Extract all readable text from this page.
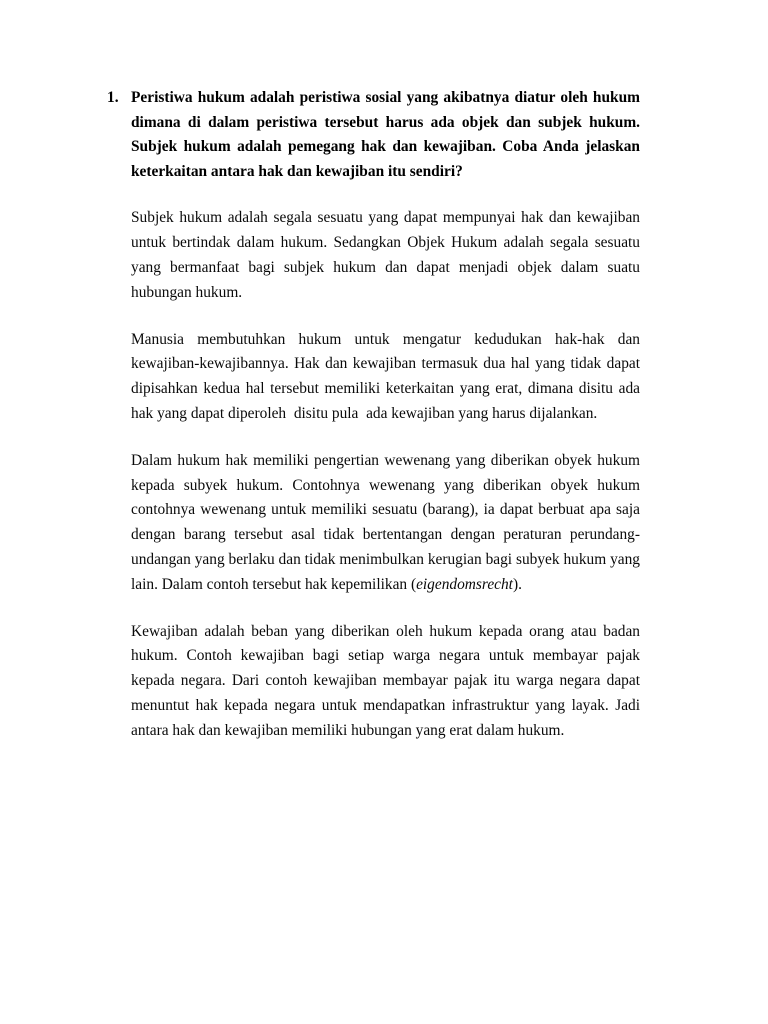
1. Peristiwa hukum adalah peristiwa sosial yang akibatnya diatur oleh hukum dimana di dalam peristiwa tersebut harus ada objek dan subjek hukum. Subjek hukum adalah pemegang hak dan kewajiban. Coba Anda jelaskan keterkaitan antara hak dan kewajiban itu sendiri?

Subjek hukum adalah segala sesuatu yang dapat mempunyai hak dan kewajiban untuk bertindak dalam hukum. Sedangkan Objek Hukum adalah segala sesuatu yang bermanfaat bagi subjek hukum dan dapat menjadi objek dalam suatu hubungan hukum.

Manusia membutuhkan hukum untuk mengatur kedudukan hak-hak dan kewajiban-kewajibannya. Hak dan kewajiban termasuk dua hal yang tidak dapat dipisahkan kedua hal tersebut memiliki keterkaitan yang erat, dimana disitu ada hak yang dapat diperoleh  disitu pula  ada kewajiban yang harus dijalankan.

Dalam hukum hak memiliki pengertian wewenang yang diberikan obyek hukum kepada subyek hukum. Contohnya wewenang yang diberikan obyek hukum contohnya wewenang untuk memiliki sesuatu (barang), ia dapat berbuat apa saja dengan barang tersebut asal tidak bertentangan dengan peraturan perundang-undangan yang berlaku dan tidak menimbulkan kerugian bagi subyek hukum yang lain. Dalam contoh tersebut hak kepemilikan (eigendomsrecht).

Kewajiban adalah beban yang diberikan oleh hukum kepada orang atau badan hukum. Contoh kewajiban bagi setiap warga negara untuk membayar pajak kepada negara. Dari contoh kewajiban membayar pajak itu warga negara dapat menuntut hak kepada negara untuk mendapatkan infrastruktur yang layak. Jadi antara hak dan kewajiban memiliki hubungan yang erat dalam hukum.
